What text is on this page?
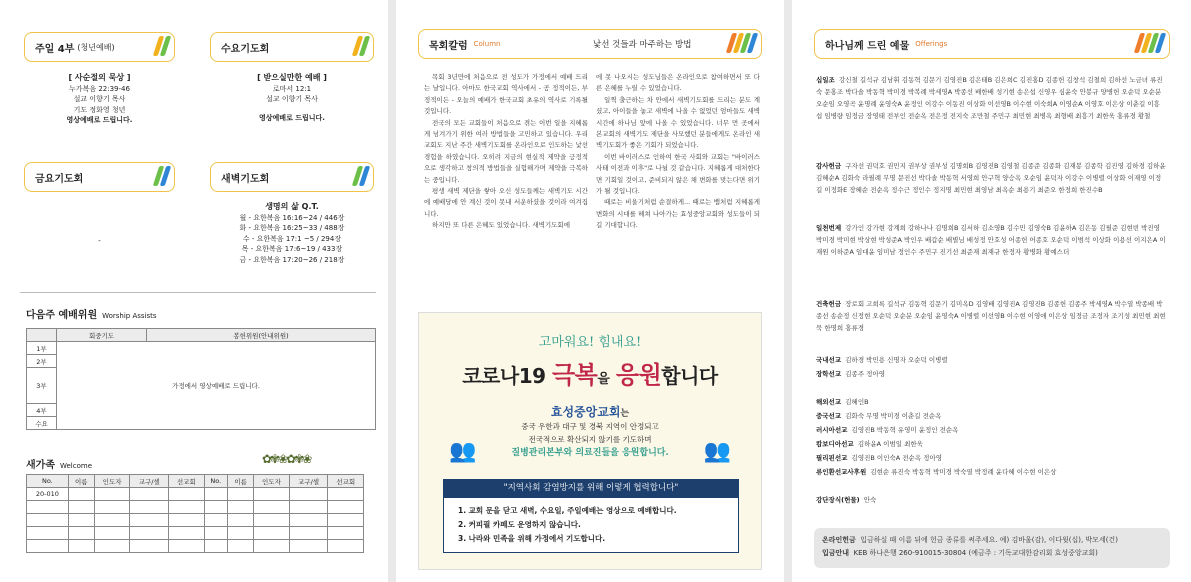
주일 4부 (청년예배)
[ 사순절의 묵상 ]
누가복음 22:39-46
설교 이향기 목사
기도 정화영 청년
영상예배로 드립니다.
수요기도회
[ 받으실만한 예배 ]
로마서 12:1
설교 이향기 목사
영상예배로 드립니다.
금요기도회
-
새벽기도회
생명의 삶 Q.T.
월 - 요한복음 16:16~24 / 446장
화 - 요한복음 16:25~33 / 488장
수 - 요한복음 17:1 ~5 / 294장
목 - 요한복음 17:6~19 / 433장
금 - 요한복음 17:20~26 / 218장
다음주 예배위원 Worship Assists
	회중기도	봉헌위원(안내위원)
1부	가정에서 영상예배로 드립니다.	
2부		
3부		
4부		
수요		
새가족 Welcome	✿✾❀✿✾❀
No.	이름	인도자	교구/셀	선교회	No.	이름	인도자	교구/셀	선교회
20-010									

목회칼럼 Column	낯선 것들과 마주하는 방법

목회 3년만에 처음으로 전 성도가 가정에서 예배 드리는 날입니다. 아마도 한국교회 역사에서 - 공 정적이든, 부정적이든 - 오늘의 예배가 한국교회 초유의 역사로 기록될 것입니다.

전국의 모든 교회들이 처음으로 겪는 이번 일을 지혜롭게 넘겨가기 위한 여러 방법들을 고민하고 있습니다. 우리 교회도 지난 주간 새벽기도회를 온라인으로 인도하는 낯선 경험을 하였습니다. 오히려 지금의 현실적 제약을 긍정적으로 생각하고 창의적 방법들을 실험해가며 제약을 극복하는 중입니다.

평생 새벽 제단을 쌓아 오신 성도들께는 새벽기도 시간에 예배당에 안 계신 것이 못내 서운하셨을 것이라 여겨집니다.

하지만 또 다른 은혜도 있었습니다. 새벽기도회에

에 못 나오시는 성도님들은 온라인으로 참여하면서 또 다른 은혜를 누릴 수 있었습니다.

일찍 출근하는 차 안에서 새벽기도회를 드리는 분도 계셨고, 아이들을 놓고 새벽에 나올 수 없었던 엄마들도 새벽 시간에 하나님 앞에 나올 수 있었습니다. 너무 먼 곳에서 본교회의 새벽기도 제단을 사모했던 분들에게도 온라인 새벽기도회가 좋은 기회가 되었습니다.

이번 바이러스로 인하여 한국 사회와 교회는 "바이러스사태 이전과 이후"로 나뉠 것 같습니다. 지혜롭게 대처한다면 기회일 것이고, 준비되지 않은 채 변화를 맞는다면 위기가 될 것입니다.

때로는 비울기처럼 순결하게... 때로는 뱀처럼 지혜롭게 변화의 시대를 헤쳐 나아가는 효성중앙교회와 성도들이 되길 기대합니다.

고마워요! 힘내요!
코로나19 극복을 응원합니다
효성중앙교회는
중국 우한과 대구 및 경북 지역이 안정되고
전국적으로 확산되지 않기를 기도하며
질병관리본부와 의료진들을 응원합니다.
👥	👥
"지역사회 감염방지를 위해 이렇게 협력합니다"
1. 교회 문을 닫고 새벽, 수요일, 주일예배는 영상으로 예배합니다.
2. 커피필 카페도 운영하지 않습니다.
3. 나라와 민족을 위해 가정에서 기도합니다.
하나님께 드린 예물 Offerings
십일조 강신철 길석규 김남휘 김동혁 김문기 김영진B 김은태B 김은희C 김진홍D 김종헌 김창석 김철희 김하선 노금녀 류진숙 문홍조 박다솔 박동혁 박미경 박복례 박세영A 박종선 배한배 성기현 송은섭 신영우 심윤숙 안봉규 양병헌 오순덕 오순분 오순임 오영곡 윤명례 윤영숙A 윤정인 이강수 이동진 이상화 이선영B 이수현 이숙희A 이영순A 이영호 이은상 이춘길 이흥섭 임병량 임정금 장영태 전부인 전순옥 전은정 전지숙 조만철 주민구 최민현 최병옥 최형배 최흥기 최한욱 홍류경 황철
감사헌금 구자선 권덕호 권민지 권부상 권부성 김명희B 김영진B 김영철 김종준 김종화 김재봉 김종학 김진영 김하경 김하윤 김혜순A 김화숙 라필례 무명 문진선 박다솔 박동혁 서영희 안구혁 양승옥 오순임 윤덕자 이강수 이병렬 이상화 이재영 이정길 이정화E 장혜순 전순옥 정수근 정인수 정지명 최민현 최영남 최옥순 최용기 최준오 한정희 한진수B
일천번제 강가인 강가현 강계희 강하나나 김명희B 김서하 김소영B 김수민 김영숙B 김윤하A 김은동 김필준 김현빈 박진영 박미경 박미현 박상현 박성준A 박인우 배갑순 배별님 배성정 안호성 어종헌 어종호 오순덕 이범석 이상화 이용선 이지은A 이재원 이하준A 임대윤 임미남 정인수 주민구 진기선 최준재 최재규 한정자 황병화 황예스더
건축헌금 장로회 고희록 길석규 김동혁 김문기 김미옥D 김영배 김영진A 김영진B 김종헌 김종주 박세영A 박수열 박종배 박종선 송순정 신정현 오순덕 오순분 오순임 윤영숙A 이병렬 이선영B 이수현 이영애 이은상 임정금 조정자 조기성 최민현 최현묵 한명희 홍류경
국내선교 김하경 박민용 신명자 오순덕 이병렬
장학선교 김종주 정아영
해외선교 김혜인B
중국선교 김화숙 무명 박미경 이춘길 전순옥
러시아선교 김영진B 박동혁 유영미 윤정인 전순옥
캄보디아선교 김하윤A 이범일 최한욱
필리핀선교 김영진B 이인숙A 전순옥 정아영
류인환선교사후원 김현순 류진숙 박동혁 박미경 박숙열 박정례 윤다혜 이수현 이은상
강단장식(헌물) 안숙
온라인헌금 입금하실 때 이름 뒤에 헌금 종류를 써주세요. 예) 김바울(감), 이다윗(십), 박모세(건)
입금안내 KEB 하나은행 260-910015-30804 (예금주 : 기독교대한감리회 효성중앙교회)
